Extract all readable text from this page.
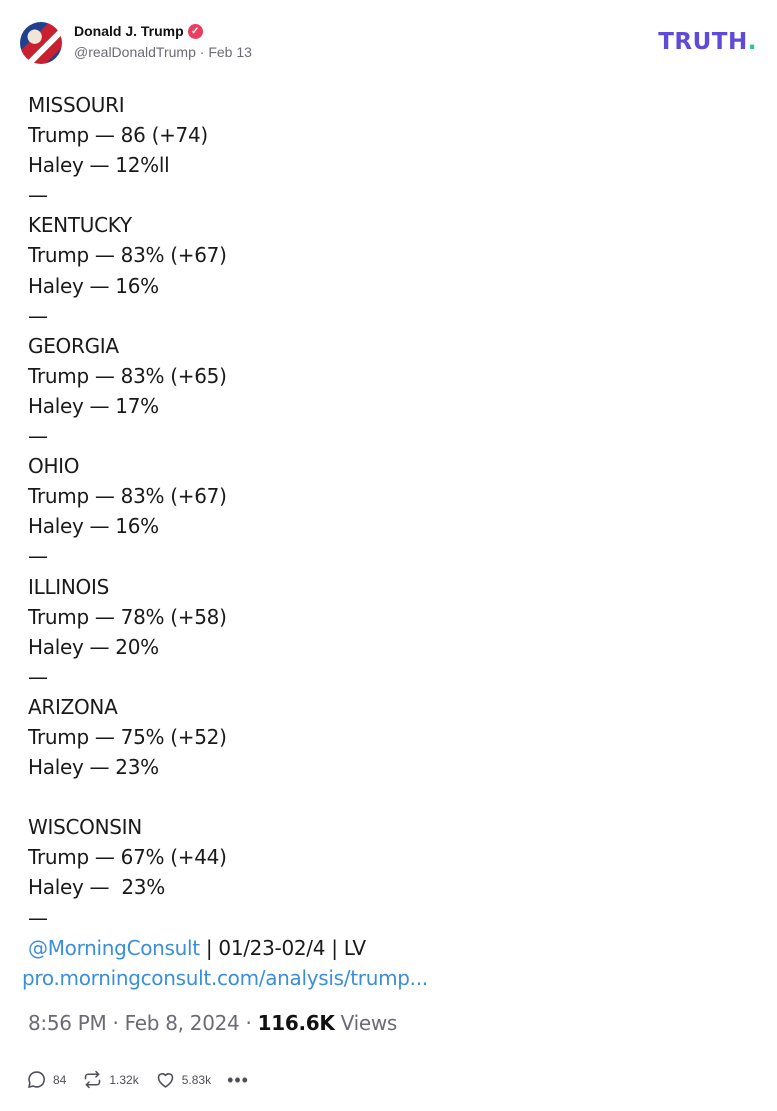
Donald J. Trump ✓
@realDonaldTrump · Feb 13	TRUTH.
MISSOURI
Trump — 86 (+74)
Haley — 12%ll
—
KENTUCKY
Trump — 83% (+67)
Haley — 16%
—
GEORGIA
Trump — 83% (+65)
Haley — 17%
—
OHIO
Trump — 83% (+67)
Haley — 16%
—
ILLINOIS
Trump — 78% (+58)
Haley — 20%
—
ARIZONA
Trump — 75% (+52)
Haley — 23%
WISCONSIN
Trump — 67% (+44)
Haley —  23%
—
@MorningConsult | 01/23-02/4 | LV
pro.morningconsult.com/analysis/trump...
8:56 PM · Feb 8, 2024 · 116.6K Views
84	1.32k	5.83k •••
